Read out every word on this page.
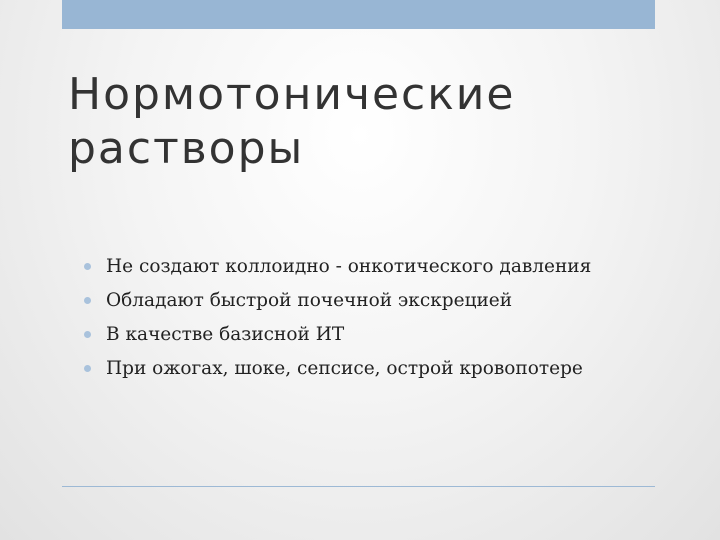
Нормотонические
растворы
Не создают коллоидно - онкотического давления
Обладают быстрой почечной экскрецией
В качестве базисной ИТ
При ожогах, шоке, сепсисе, острой кровопотере
